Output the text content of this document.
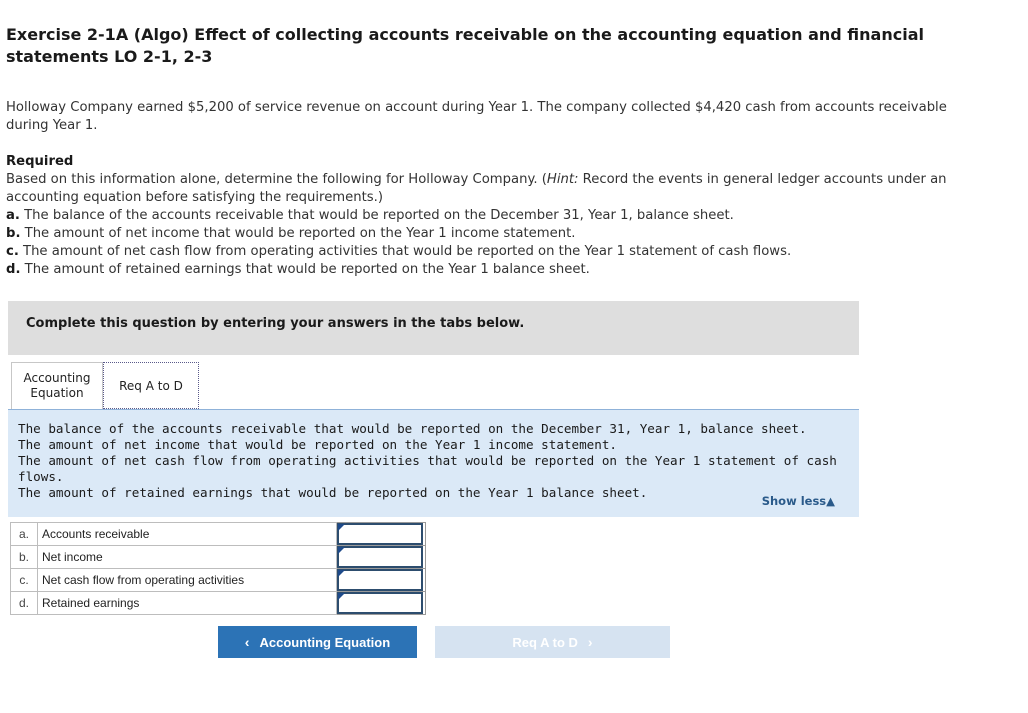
Exercise 2-1A (Algo) Effect of collecting accounts receivable on the accounting equation and financial statements LO 2-1, 2-3
Holloway Company earned $5,200 of service revenue on account during Year 1. The company collected $4,420 cash from accounts receivable during Year 1.
Required
Based on this information alone, determine the following for Holloway Company. (Hint: Record the events in general ledger accounts under an accounting equation before satisfying the requirements.)
a. The balance of the accounts receivable that would be reported on the December 31, Year 1, balance sheet.
b. The amount of net income that would be reported on the Year 1 income statement.
c. The amount of net cash flow from operating activities that would be reported on the Year 1 statement of cash flows.
d. The amount of retained earnings that would be reported on the Year 1 balance sheet.
Complete this question by entering your answers in the tabs below.
Accounting
Equation
Req A to D
The balance of the accounts receivable that would be reported on the December 31, Year 1, balance sheet.
The amount of net income that would be reported on the Year 1 income statement.
The amount of net cash flow from operating activities that would be reported on the Year 1 statement of cash flows.
The amount of retained earnings that would be reported on the Year 1 balance sheet.
Show less▲
a.	Accounts receivable	

b.	Net income	

c.	Net cash flow from operating activities	

d.	Retained earnings	
‹ Accounting Equation	Req A to D ›
